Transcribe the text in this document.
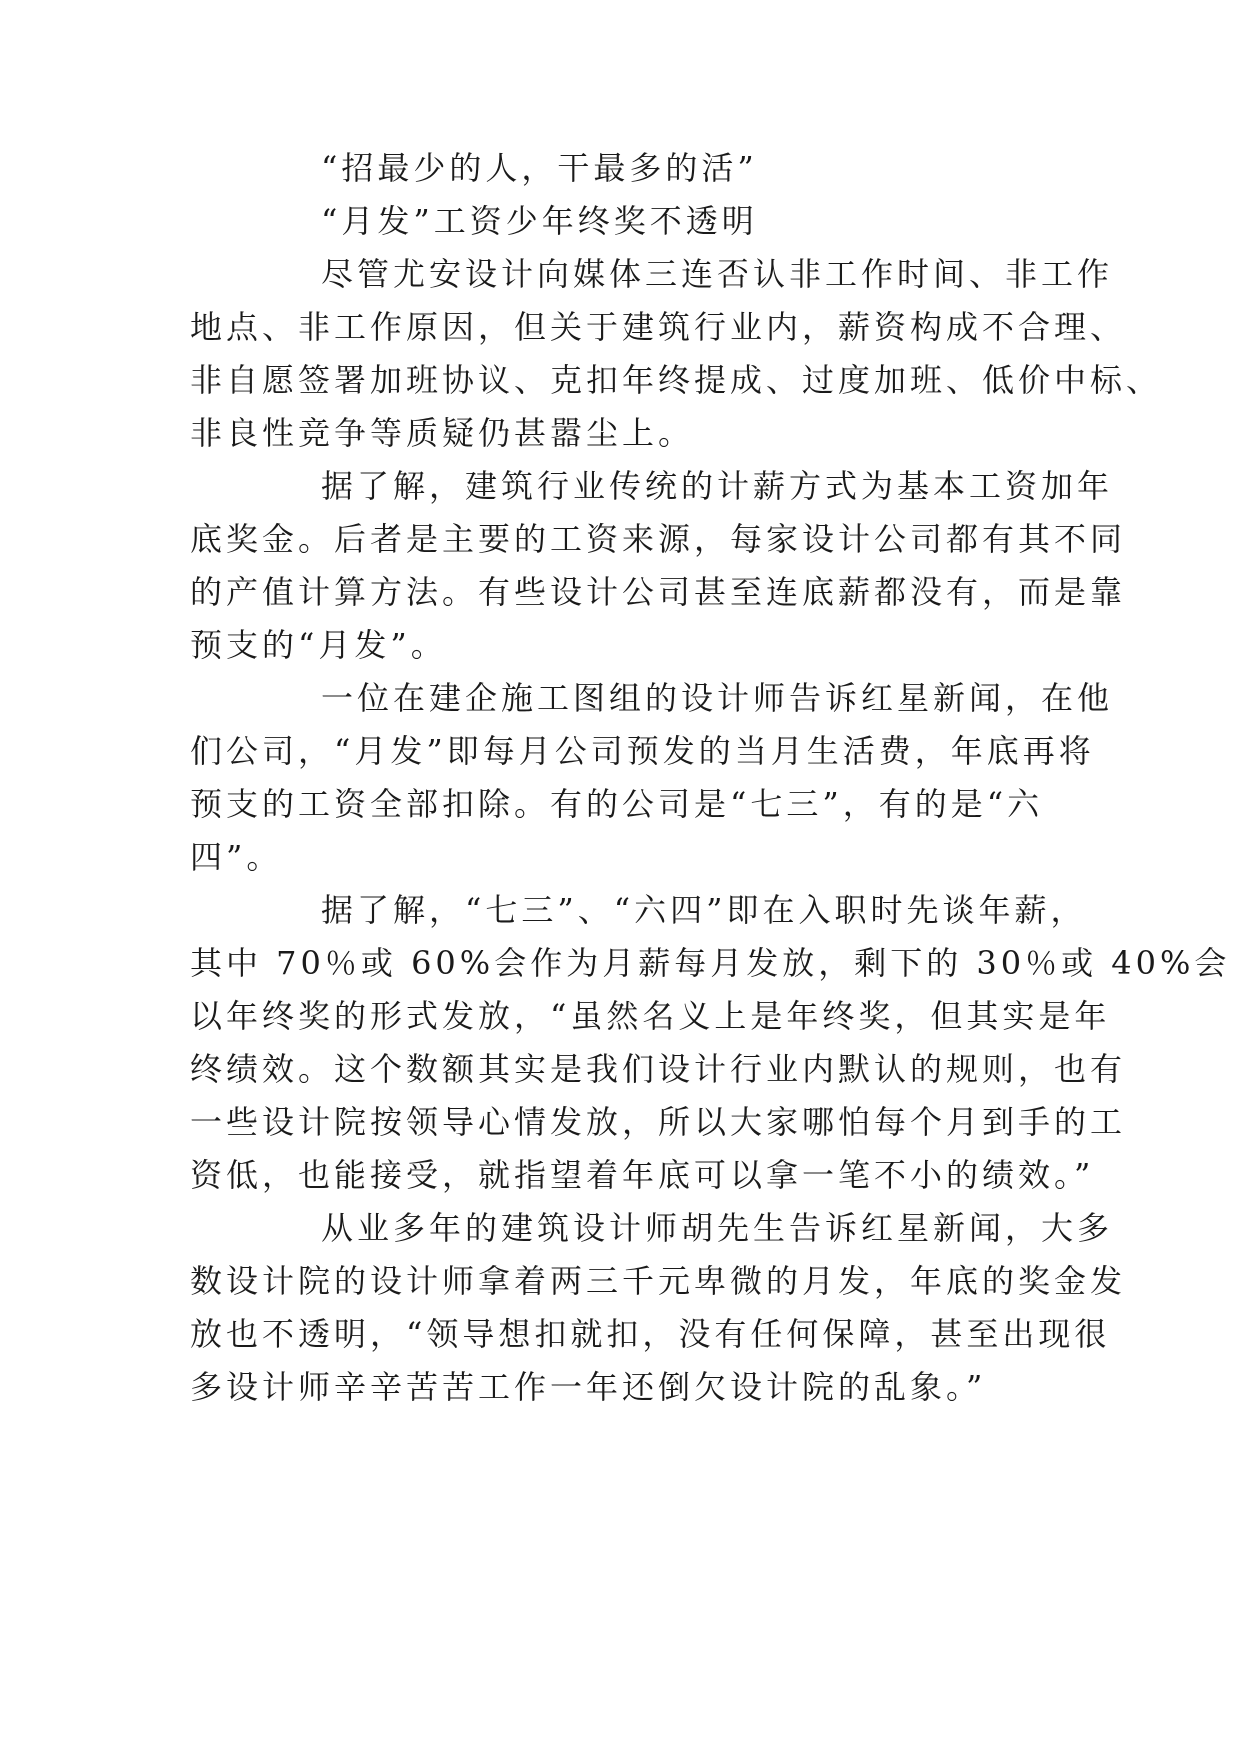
“招最少的人，干最多的活”
“月发”工资少年终奖不透明
尽管尤安设计向媒体三连否认非工作时间、非工作
地点、非工作原因，但关于建筑行业内，薪资构成不合理、
非自愿签署加班协议、克扣年终提成、过度加班、低价中标、
非良性竞争等质疑仍甚嚣尘上。
据了解，建筑行业传统的计薪方式为基本工资加年
底奖金。后者是主要的工资来源，每家设计公司都有其不同
的产值计算方法。有些设计公司甚至连底薪都没有，而是靠
预支的“月发”。
一位在建企施工图组的设计师告诉红星新闻，在他
们公司，“月发”即每月公司预发的当月生活费，年底再将
预支的工资全部扣除。有的公司是“七三”，有的是“六
四”。
据了解，“七三”、“六四”即在入职时先谈年薪，
其中 70％或 60%会作为月薪每月发放，剩下的 30％或 40%会
以年终奖的形式发放，“虽然名义上是年终奖，但其实是年
终绩效。这个数额其实是我们设计行业内默认的规则，也有
一些设计院按领导心情发放，所以大家哪怕每个月到手的工
资低，也能接受，就指望着年底可以拿一笔不小的绩效。”
从业多年的建筑设计师胡先生告诉红星新闻，大多
数设计院的设计师拿着两三千元卑微的月发，年底的奖金发
放也不透明，“领导想扣就扣，没有任何保障，甚至出现很
多设计师辛辛苦苦工作一年还倒欠设计院的乱象。”
